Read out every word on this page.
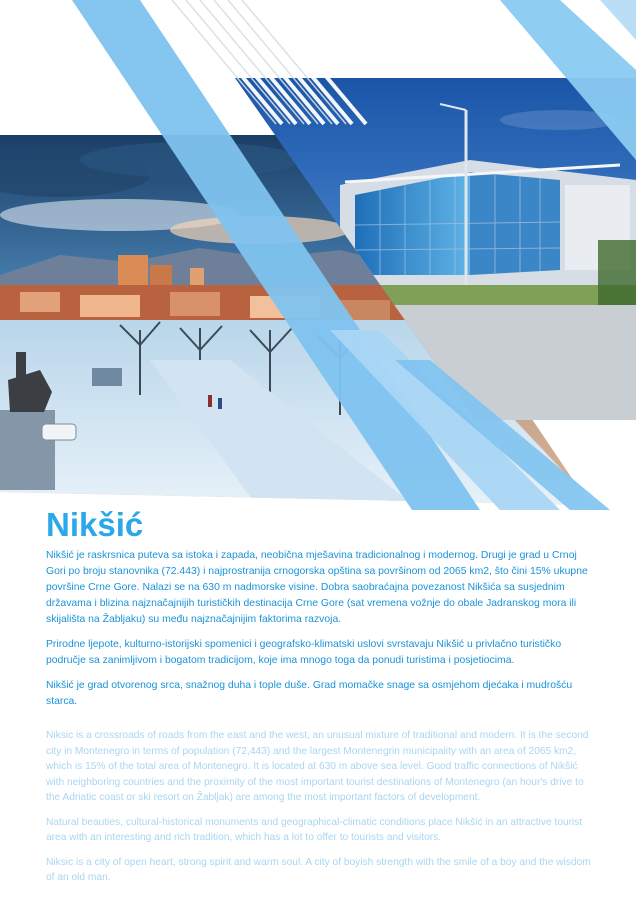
Nikšić

Nikšić je raskrsnica puteva sa istoka i zapada, neobična mješavina tradicionalnog i modernog. Drugi je grad u Crnoj Gori po broju stanovnika (72.443) i najprostranija crnogorska opština sa površinom od 2065 km2, što čini 15% ukupne površine Crne Gore. Nalazi se na 630 m nadmorske visine. Dobra saobraćajna povezanost Nikšića sa susjednim državama i blizina najznačajnijih turističkih destinacija Crne Gore (sat vremena vožnje do obale Jadranskog mora ili skijališta na Žabljaku) su među najznačajnijim faktorima razvoja.

Prirodne ljepote, kulturno-istorijski spomenici i geografsko-klimatski uslovi svrstavaju Nikšić u privlačno turističko područje sa zanimljivom i bogatom tradicijom, koje ima mnogo toga da ponudi turistima i posjetiocima.

Nikšić je grad otvorenog srca, snažnog duha i tople duše. Grad momačke snage sa osmjehom djećaka i mudrošću starca.

Niksic is a crossroads of roads from the east and the west, an unusual mixture of traditional and modern. It is the second city in Montenegro in terms of population (72,443) and the largest Montenegrin municipality with an area of 2065 km2, which is 15% of the total area of Montenegro. It is located at 630 m above sea level. Good traffic connections of Nikšić with neighboring countries and the proximity of the most important tourist destinations of Montenegro (an hour's drive to the Adriatic coast or ski resort on Žabljak) are among the most important factors of development.

Natural beauties, cultural-historical monuments and geographical-climatic conditions place Nikšić in an attractive tourist area with an interesting and rich tradition, which has a lot to offer to tourists and visitors.

Niksic is a city of open heart, strong spirit and warm soul. A city of boyish strength with the smile of a boy and the wisdom of an old man.
